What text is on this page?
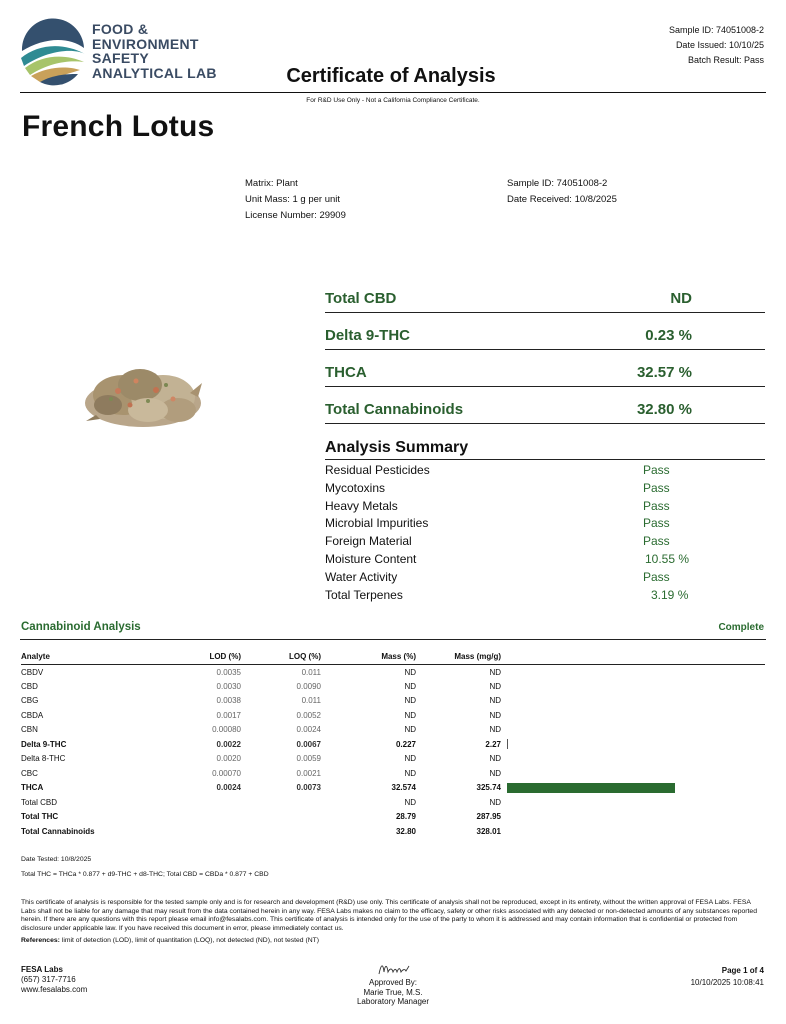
FOOD &
ENVIRONMENT
SAFETY
ANALYTICAL LAB
Sample ID: 74051008-2
Date Issued: 10/10/25
Batch Result: Pass
Certificate of Analysis
For R&D Use Only - Not a California Compliance Certificate.
French Lotus
Matrix: Plant
Unit Mass: 1 g per unit
License Number: 29909
Sample ID: 74051008-2
Date Received: 10/8/2025
Total CBD	ND
Delta 9-THC	0.23 %
THCA	32.57 %
Total Cannabinoids	32.80 %
Analysis Summary
Residual Pesticides	Pass
Mycotoxins	Pass
Heavy Metals	Pass
Microbial Impurities	Pass
Foreign Material	Pass
Moisture Content	10.55 %
Water Activity	Pass
Total Terpenes	3.19 %
Cannabinoid Analysis	Complete
Analyte	LOD (%)	LOQ (%)	Mass (%)	Mass (mg/g)	
CBDV	0.0035	0.011	ND	ND	
CBD	0.0030	0.0090	ND	ND	
CBG	0.0038	0.011	ND	ND	
CBDA	0.0017	0.0052	ND	ND	
CBN	0.00080	0.0024	ND	ND	
Delta 9-THC	0.0022	0.0067	0.227	2.27	

Delta 8-THC	0.0020	0.0059	ND	ND	
CBC	0.00070	0.0021	ND	ND	
THCA	0.0024	0.0073	32.574	325.74	

Total CBD			ND	ND	
Total THC			28.79	287.95	
Total Cannabinoids			32.80	328.01	
Date Tested: 10/8/2025
Total THC = THCa * 0.877 + d9-THC + d8-THC; Total CBD = CBDa * 0.877 + CBD
This certificate of analysis is responsible for the tested sample only and is for research and development (R&D) use only. This certificate of analysis shall not be reproduced, except in its entirety, without the written approval of FESA Labs. FESA Labs shall not be liable for any damage that may result from the data contained herein in any way. FESA Labs makes no claim to the efficacy, safety or other risks associated with any detected or non-detected amounts of any substances reported herein. If there are any questions with this report please email info@fesalabs.com. This certificate of analysis is intended only for the use of the party to whom it is addressed and may contain information that is confidential or protected from disclosure under applicable law. If you have received this document in error, please immediately contact us.
References: limit of detection (LOD), limit of quantitation (LOQ), not detected (ND), not tested (NT)
FESA Labs
(657) 317-7716
www.fesalabs.com
Approved By:
Marie True, M.S.
Laboratory Manager
Page 1 of 4
10/10/2025 10:08:41
